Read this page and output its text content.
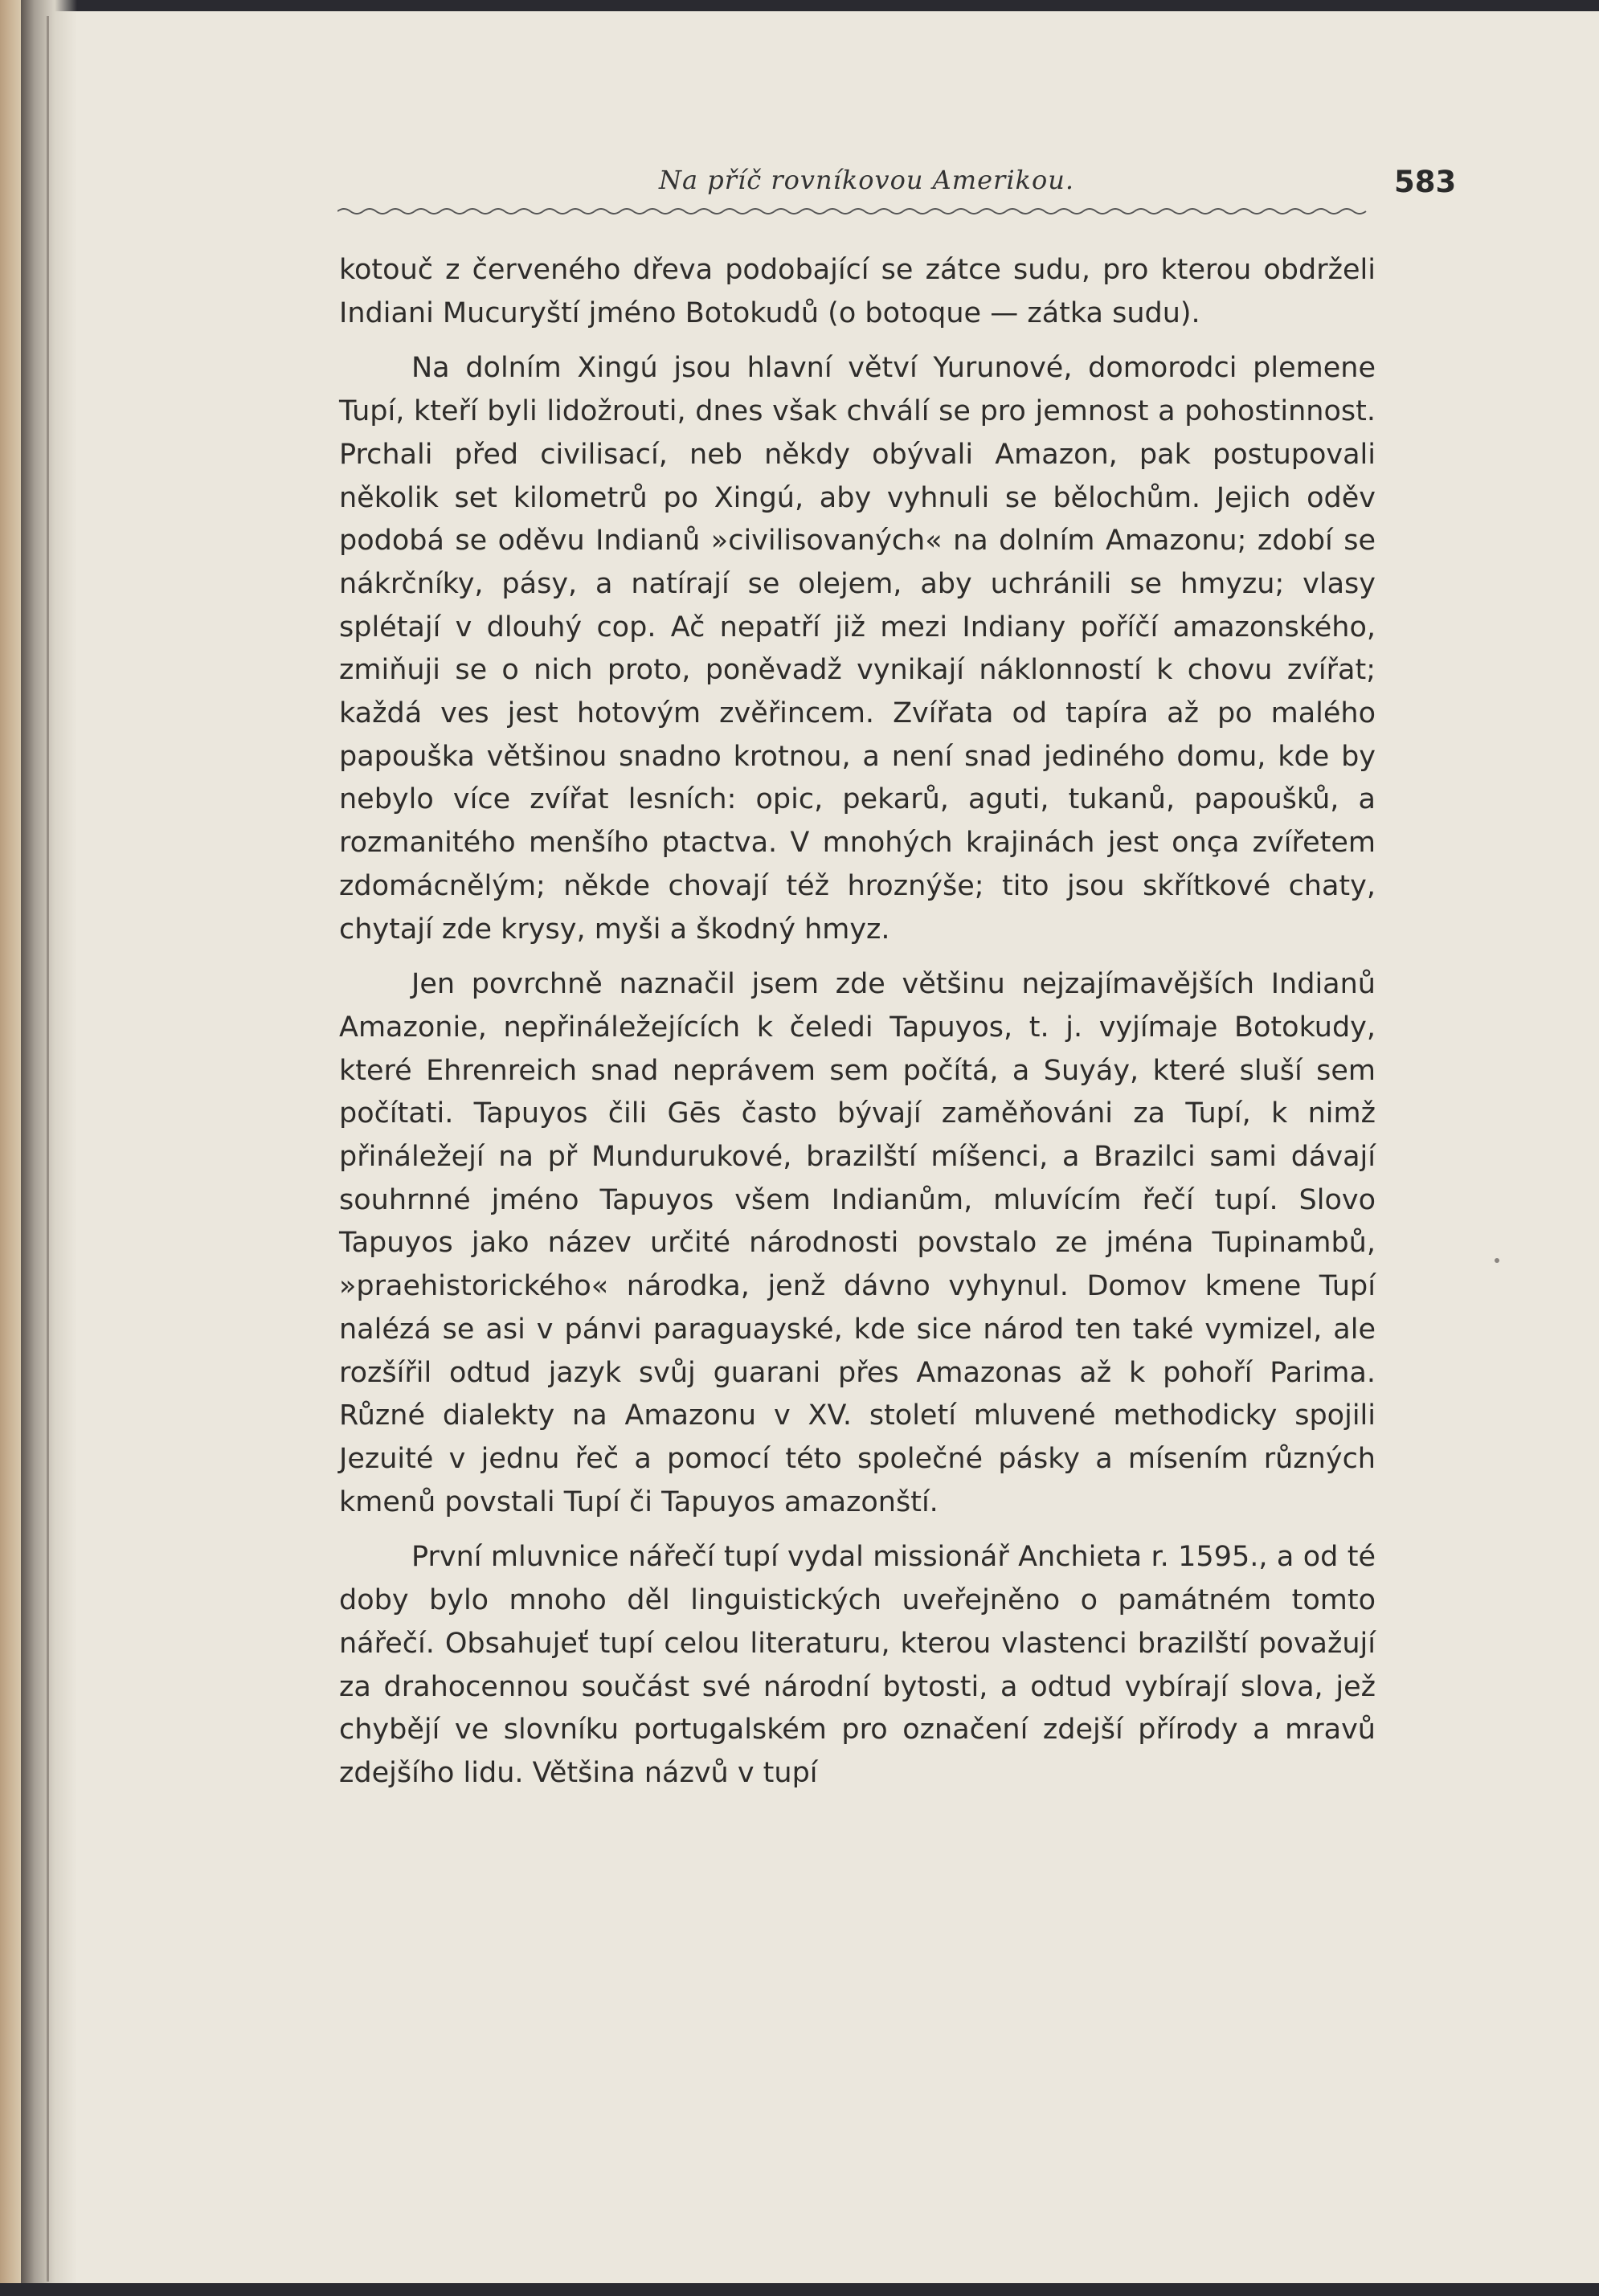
Na příč rovníkovou Amerikou.	583

kotouč z červeného dřeva podobající se zátce sudu, pro kterou obdrželi Indiani Mucuryští jméno Botokudů (o botoque — zátka sudu).

Na dolním Xingú jsou hlavní větví Yurunové, domorodci plemene Tupí, kteří byli lidožrouti, dnes však chválí se pro jemnost a pohostinnost. Prchali před civilisací, neb někdy obývali Amazon, pak postupovali několik set kilometrů po Xingú, aby vyhnuli se bělochům. Jejich oděv podobá se oděvu Indianů »civilisovaných« na dolním Amazonu; zdobí se nákrčníky, pásy, a natírají se olejem, aby uchránili se hmyzu; vlasy splétají v dlouhý cop. Ač nepatří již mezi Indiany poříčí amazonského, zmiňuji se o nich proto, poněvadž vynikají náklonností k chovu zvířat; každá ves jest hotovým zvěřincem. Zvířata od tapíra až po malého papouška většinou snadno krotnou, a není snad jediného domu, kde by nebylo více zvířat lesních: opic, pekarů, aguti, tukanů, papoušků, a rozmanitého menšího ptactva. V mnohých krajinách jest onça zvířetem zdomácnělým; někde chovají též hroznýše; tito jsou skřítkové chaty, chytají zde krysy, myši a škodný hmyz.

Jen povrchně naznačil jsem zde většinu nejzajímavějších Indianů Amazonie, nepřináležejících k čeledi Tapuyos, t. j. vyjímaje Botokudy, které Ehrenreich snad neprávem sem počítá, a Suyáy, které sluší sem počítati. Tapuyos čili Gēs často bývají zaměňováni za Tupí, k nimž přináležejí na př Mundurukové, brazilští míšenci, a Brazilci sami dávají souhrnné jméno Tapuyos všem Indianům, mluvícím řečí tupí. Slovo Tapuyos jako název určité národnosti povstalo ze jména Tupinambů, »praehistorického« národka, jenž dávno vyhynul. Domov kmene Tupí nalézá se asi v pánvi paraguayské, kde sice národ ten také vymizel, ale rozšířil odtud jazyk svůj guarani přes Amazonas až k pohoří Parima. Různé dialekty na Amazonu v XV. století mluvené methodicky spojili Jezuité v jednu řeč a pomocí této společné pásky a mísením různých kmenů povstali Tupí či Tapuyos amazonští.

První mluvnice nářečí tupí vydal missionář Anchieta r. 1595., a od té doby bylo mnoho děl linguistických uveřejněno o památném tomto nářečí. Obsahujeť tupí celou literaturu, kterou vlastenci brazilští považují za drahocennou součást své národní bytosti, a odtud vybírají slova, jež chybějí ve slovníku portugalském pro označení zdejší přírody a mravů zdejšího lidu. Většina názvů v tupí
